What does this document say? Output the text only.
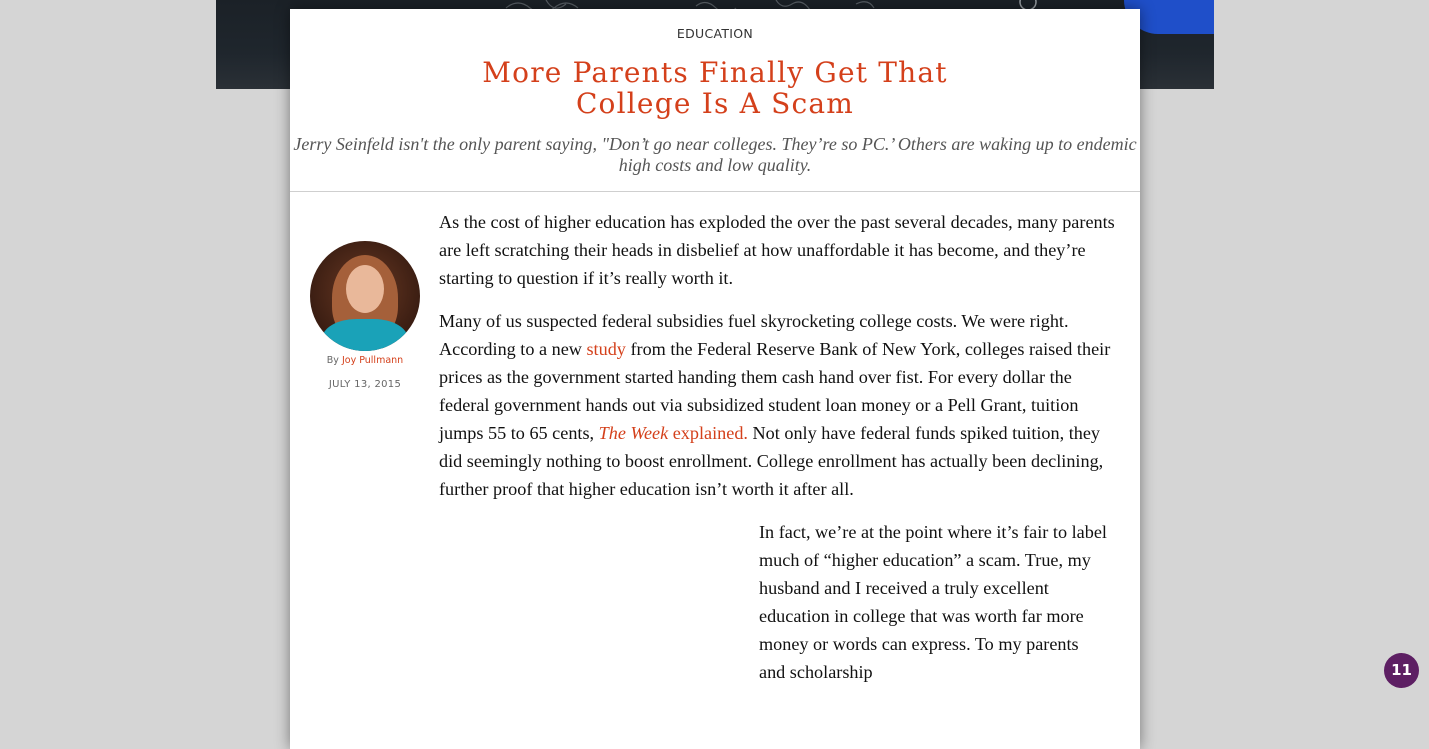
EDUCATION
More Parents Finally Get That
College Is A Scam
Jerry Seinfeld isn't the only parent saying, "Don’t go near colleges. They’re so PC.’ Others are waking up to endemic high costs and low quality.
By Joy Pullmann
JULY 13, 2015

As the cost of higher education has exploded the over the past several decades, many parents are left scratching their heads in disbelief at how unaffordable it has become, and they’re starting to question if it’s really worth it.

Many of us suspected federal subsidies fuel skyrocketing college costs. We were right. According to a new study from the Federal Reserve Bank of New York, colleges raised their prices as the government started handing them cash hand over fist. For every dollar the federal government hands out via subsidized student loan money or a Pell Grant, tuition jumps 55 to 65 cents, The Week explained. Not only have federal funds spiked tuition, they did seemingly nothing to boost enrollment. College enrollment has actually been declining, further proof that higher education isn’t worth it after all.

In fact, we’re at the point where it’s fair to label much of “higher education” a scam. True, my husband and I received a truly excellent education in college that was worth far more money or words can express. To my parents and scholarship	11
